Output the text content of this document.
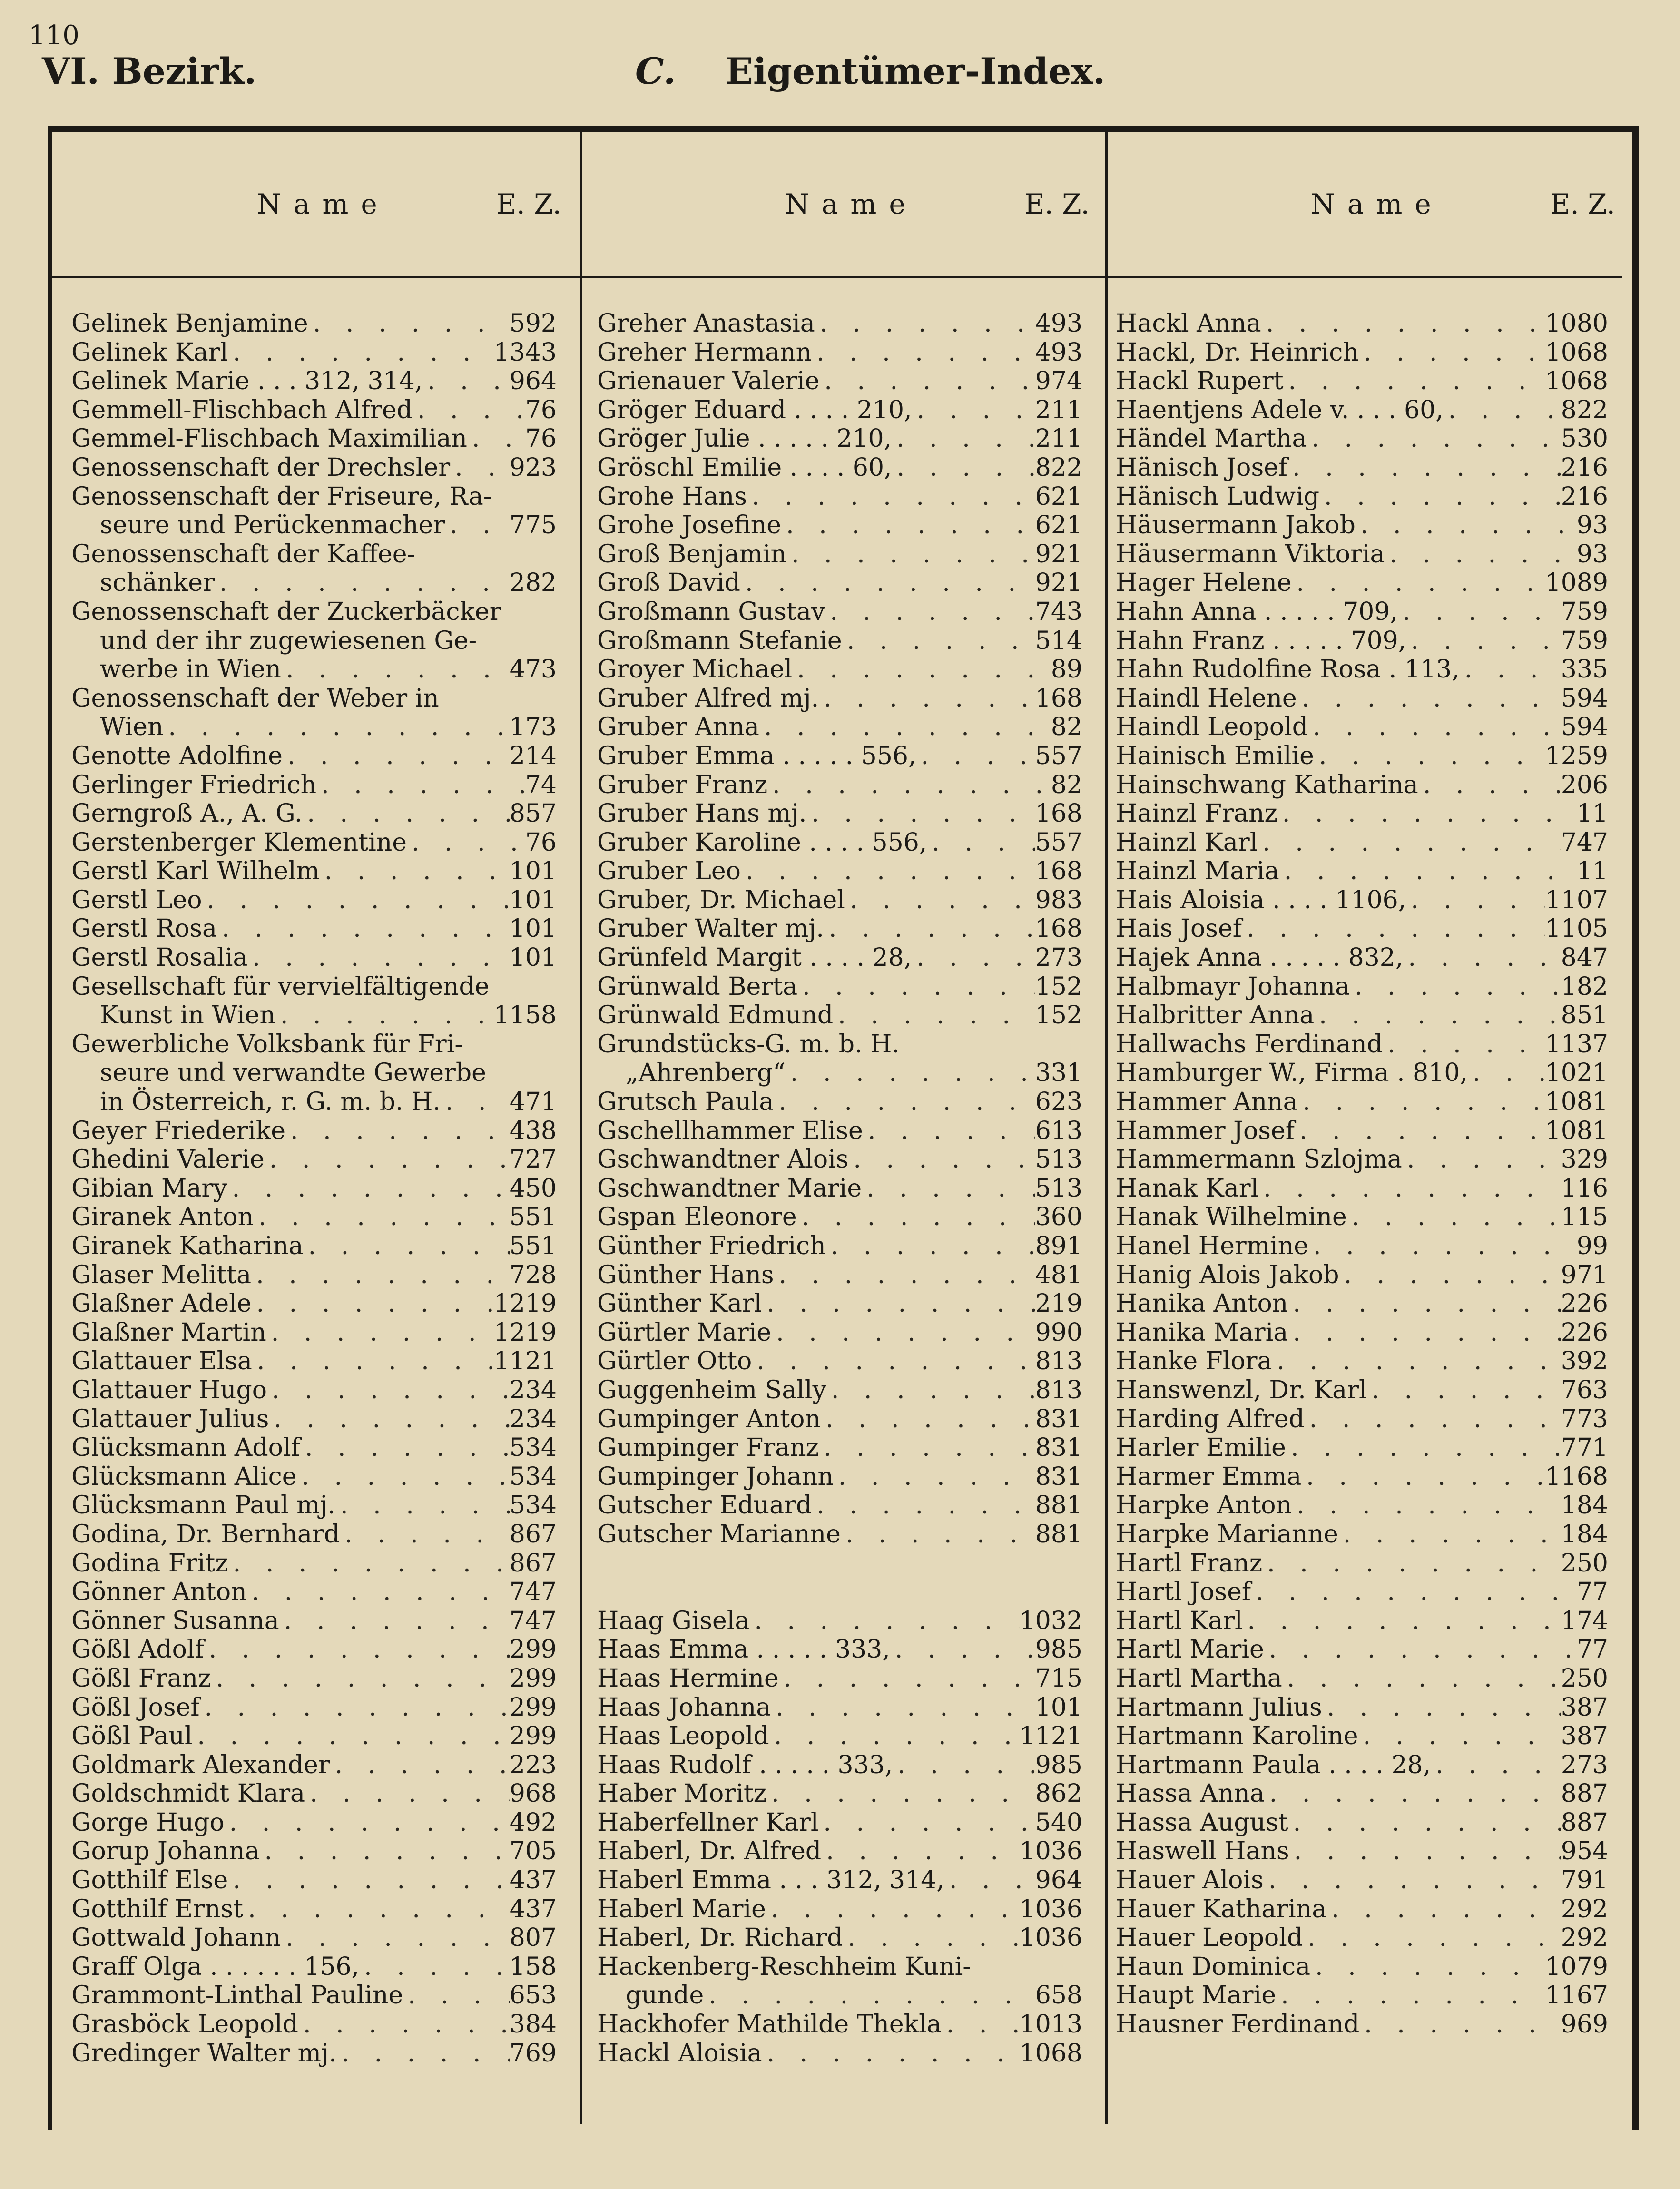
110
VI. Bezirk.	C. Eigentümer-Index.
Name	E. Z.	Name	E. Z.	Name	E. Z.
Gelinek Benjamine . . .	592
Gelinek Karl . . .	1343
Gelinek Marie . . . 312, 314, . . .	964
Gemmell-Flischbach Alfred . . .	76
Gemmel-Flischbach Maximilian . . . 76
Genossenschaft der Drechsler . . . 923
Genossenschaft der Friseure, Ra-
seure und Perückenmacher . . .	775
Genossenschaft der Kaffee-
schänker . . .	282
Genossenschaft der Zuckerbäcker
und der ihr zugewiesenen Ge-
werbe in Wien . . .	473
Genossenschaft der Weber in
Wien . . .	173
Genotte Adolfine . . .	214
Gerlinger Friedrich . . .	74
Gerngroß A., A. G. . . .	857
Gerstenberger Klementine . . .	76
Gerstl Karl Wilhelm . . .	101
Gerstl Leo . . .	101
Gerstl Rosa . . .	101
Gerstl Rosalia . . .	101
Gesellschaft für vervielfältigende
Kunst in Wien . . .	1158
Gewerbliche Volksbank für Fri-
seure und verwandte Gewerbe
in Österreich, r. G. m. b. H. . . .	471
Geyer Friederike . . .	438
Ghedini Valerie . . .	727
Gibian Mary . . .	450
Giranek Anton . . .	551
Giranek Katharina . . .	551
Glaser Melitta . . .	728
Glaßner Adele . . .	1219
Glaßner Martin . . .	1219
Glattauer Elsa . . .	1121
Glattauer Hugo . . .	234
Glattauer Julius . . .	234
Glücksmann Adolf . . .	534
Glücksmann Alice . . .	534
Glücksmann Paul mj. . . .	534
Godina, Dr. Bernhard . . .	867
Godina Fritz . . .	867
Gönner Anton . . .	747
Gönner Susanna . . .	747
Gößl Adolf . . .	299
Gößl Franz . . .	299
Gößl Josef . . .	299
Gößl Paul . . .	299
Goldmark Alexander . . .	223
Goldschmidt Klara . . .	968
Gorge Hugo . . .	492
Gorup Johanna . . .	705
Gotthilf Else . . .	437
Gotthilf Ernst . . .	437
Gottwald Johann . . .	807
Graff Olga . . . . . . 156, . . .	158
Grammont-Linthal Pauline . . .	653
Grasböck Leopold . . .	384
Gredinger Walter mj. . . .	769
Greher Anastasia . . .	493
Greher Hermann . . .	493
Grienauer Valerie . . .	974
Gröger Eduard . . . . 210, . . .	211
Gröger Julie . . . . . 210, . . .	211
Gröschl Emilie . . . . 60, . . .	822
Grohe Hans . . .	621
Grohe Josefine . . .	621
Groß Benjamin . . .	921
Groß David . . .	921
Großmann Gustav . . .	743
Großmann Stefanie . . .	514
Groyer Michael . . .	89
Gruber Alfred mj. . . .	168
Gruber Anna . . .	82
Gruber Emma . . . . . 556, . . .	557
Gruber Franz . . .	82
Gruber Hans mj. . . .	168
Gruber Karoline . . . . 556, . . .	557
Gruber Leo . . .	168
Gruber, Dr. Michael . . .	983
Gruber Walter mj. . . .	168
Grünfeld Margit . . . . 28, . . .	273
Grünwald Berta . . .	152
Grünwald Edmund . . .	152
Grundstücks-G. m. b. H.
„Ahrenberg“ . . .	331
Grutsch Paula . . .	623
Gschellhammer Elise . . .	613
Gschwandtner Alois . . .	513
Gschwandtner Marie . . .	513
Gspan Eleonore . . .	360
Günther Friedrich . . .	891
Günther Hans . . .	481
Günther Karl . . .	219
Gürtler Marie . . .	990
Gürtler Otto . . .	813
Guggenheim Sally . . .	813
Gumpinger Anton . . .	831
Gumpinger Franz . . .	831
Gumpinger Johann . . .	831
Gutscher Eduard . . .	881
Gutscher Marianne . . .	881
Haag Gisela . . .	1032
Haas Emma . . . . . 333, . . .	985
Haas Hermine . . .	715
Haas Johanna . . .	101
Haas Leopold . . .	1121
Haas Rudolf . . . . . 333, . . .	985
Haber Moritz . . .	862
Haberfellner Karl . . .	540
Haberl, Dr. Alfred . . .	1036
Haberl Emma . . . 312, 314, . . .	964
Haberl Marie . . .	1036
Haberl, Dr. Richard . . .	1036
Hackenberg-Reschheim Kuni-
gunde . . .	658
Hackhofer Mathilde Thekla . . .	1013
Hackl Aloisia . . .	1068
Hackl Anna . . .	1080
Hackl, Dr. Heinrich . . .	1068
Hackl Rupert . . .	1068
Haentjens Adele v. . . . 60, . . .	822
Händel Martha . . .	530
Hänisch Josef . . .	216
Hänisch Ludwig . . .	216
Häusermann Jakob . . .	93
Häusermann Viktoria . . .	93
Hager Helene . . .	1089
Hahn Anna . . . . . 709, . . .	759
Hahn Franz . . . . . 709, . . .	759
Hahn Rudolfine Rosa . 113, . . .	335
Haindl Helene . . .	594
Haindl Leopold . . .	594
Hainisch Emilie . . .	1259
Hainschwang Katharina . . .	206
Hainzl Franz . . .	11
Hainzl Karl . . .	747
Hainzl Maria . . .	11
Hais Aloisia . . . . 1106, . . .	1107
Hais Josef . . .	1105
Hajek Anna . . . . . 832, . . .	847
Halbmayr Johanna . . .	182
Halbritter Anna . . .	851
Hallwachs Ferdinand . . .	1137
Hamburger W., Firma . 810, . . .	1021
Hammer Anna . . .	1081
Hammer Josef . . .	1081
Hammermann Szlojma . . .	329
Hanak Karl . . .	116
Hanak Wilhelmine . . .	115
Hanel Hermine . . .	99
Hanig Alois Jakob . . .	971
Hanika Anton . . .	226
Hanika Maria . . .	226
Hanke Flora . . .	392
Hanswenzl, Dr. Karl . . .	763
Harding Alfred . . .	773
Harler Emilie . . .	771
Harmer Emma . . .	1168
Harpke Anton . . .	184
Harpke Marianne . . .	184
Hartl Franz . . .	250
Hartl Josef . . .	77
Hartl Karl . . .	174
Hartl Marie . . .	77
Hartl Martha . . .	250
Hartmann Julius . . .	387
Hartmann Karoline . . .	387
Hartmann Paula . . . . 28, . . .	273
Hassa Anna . . .	887
Hassa August . . .	887
Haswell Hans . . .	954
Hauer Alois . . .	791
Hauer Katharina . . .	292
Hauer Leopold . . .	292
Haun Dominica . . .	1079
Haupt Marie . . .	1167
Hausner Ferdinand . . .	969
